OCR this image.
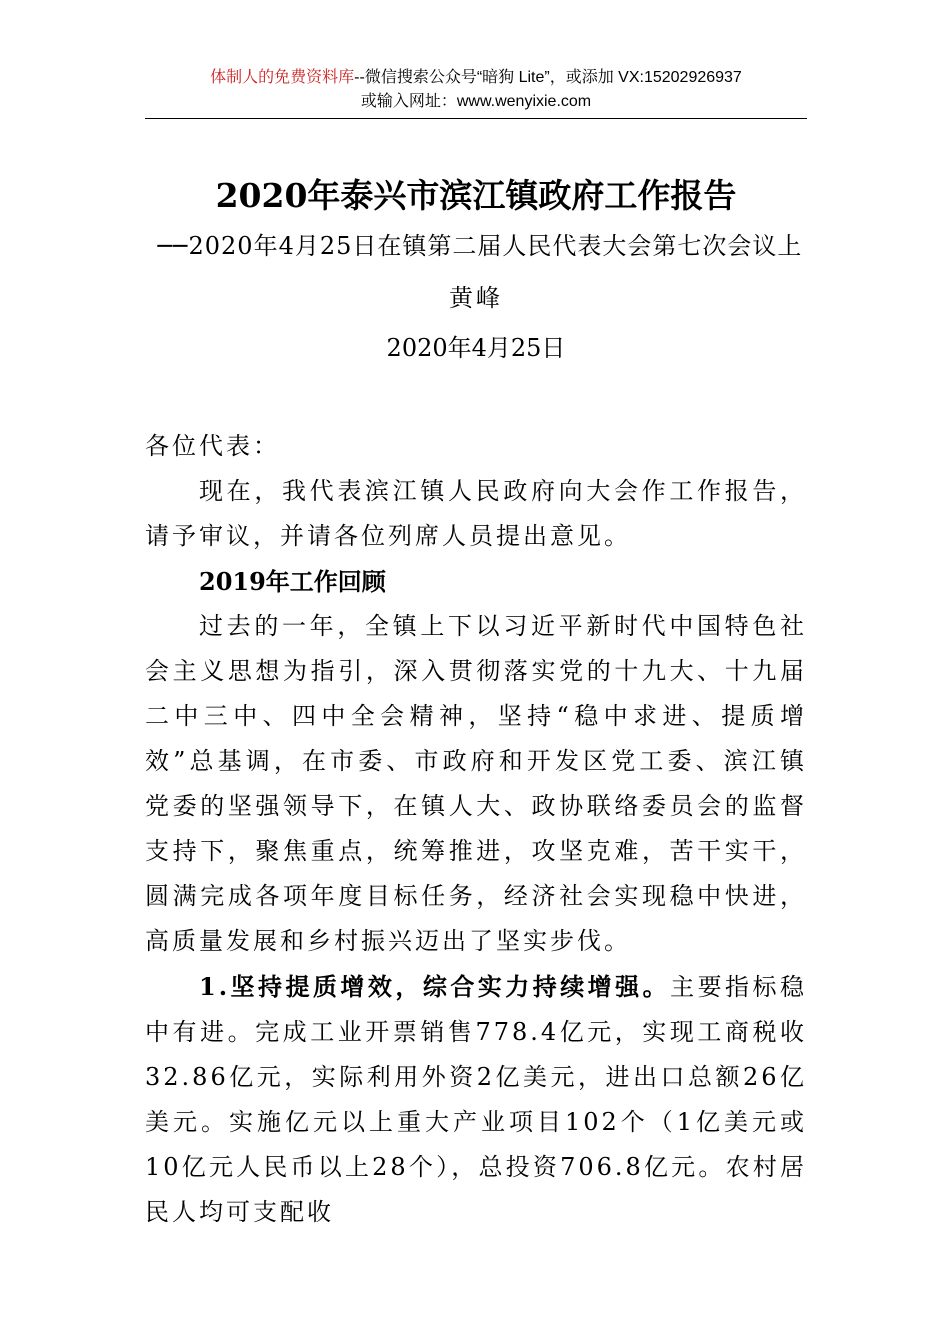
体制人的免费资料库--微信搜索公众号“暗狗 Lite”，或添加 VX:15202926937
或输入网址：www.wenyixie.com
2020年泰兴市滨江镇政府工作报告
──2020年4月25日在镇第二届人民代表大会第七次会议上
黄峰
2020年4月25日

各位代表：

现在，我代表滨江镇人民政府向大会作工作报告，请予审议，并请各位列席人员提出意见。

2019年工作回顾

过去的一年，全镇上下以习近平新时代中国特色社会主义思想为指引，深入贯彻落实党的十九大、十九届二中三中、四中全会精神，坚持“稳中求进、提质增效”总基调，在市委、市政府和开发区党工委、滨江镇党委的坚强领导下，在镇人大、政协联络委员会的监督支持下，聚焦重点，统筹推进，攻坚克难，苦干实干，圆满完成各项年度目标任务，经济社会实现稳中快进，高质量发展和乡村振兴迈出了坚实步伐。

1.坚持提质增效，综合实力持续增强。主要指标稳中有进。完成工业开票销售778.4亿元，实现工商税收32.86亿元，实际利用外资2亿美元，进出口总额26亿美元。实施亿元以上重大产业项目102个（1亿美元或10亿元人民币以上28个），总投资706.8亿元。农村居民人均可支配收
